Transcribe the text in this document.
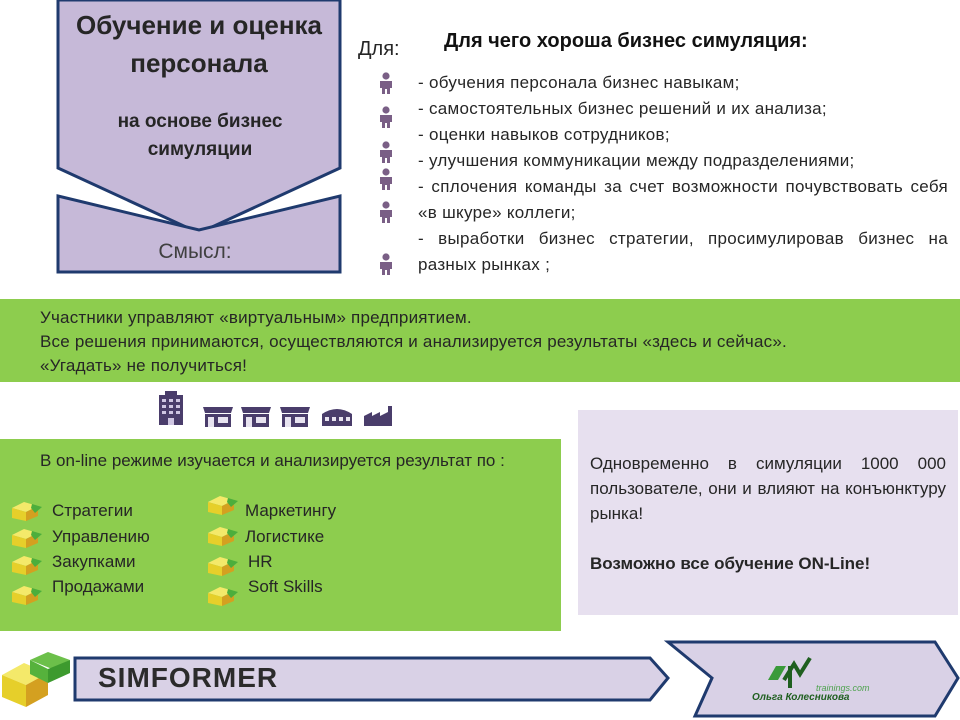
Обучение и оценка персонала
на основе бизнес симуляции
Смысл:
Для: Для чего хороша бизнес симуляция:
- обучения персонала бизнес навыкам;
- самостоятельных бизнес решений и их анализа;
- оценки навыков сотрудников;
- улучшения коммуникации между подразделениями;
- сплочения команды за счет возможности почувствовать себя «в шкуре» коллеги;
- выработки бизнес стратегии, просимулировав бизнес на разных рынках ;
Участники управляют «виртуальным» предприятием.
Все решения принимаются, осуществляются и анализируется результаты «здесь и сейчас».
«Угадать» не получиться!
В on-line режиме изучается и анализируется результат по :
Стратегии
Управлению
Закупками
Продажами
Маркетингу
Логистике
HR
Soft Skills
Одновременно в симуляции 1000 000 пользователе, они и влияют на конъюнктуру рынка!
Возможно все обучение ON-Line!
SIMFORMER	trainings.com
Ольга Колесникова
